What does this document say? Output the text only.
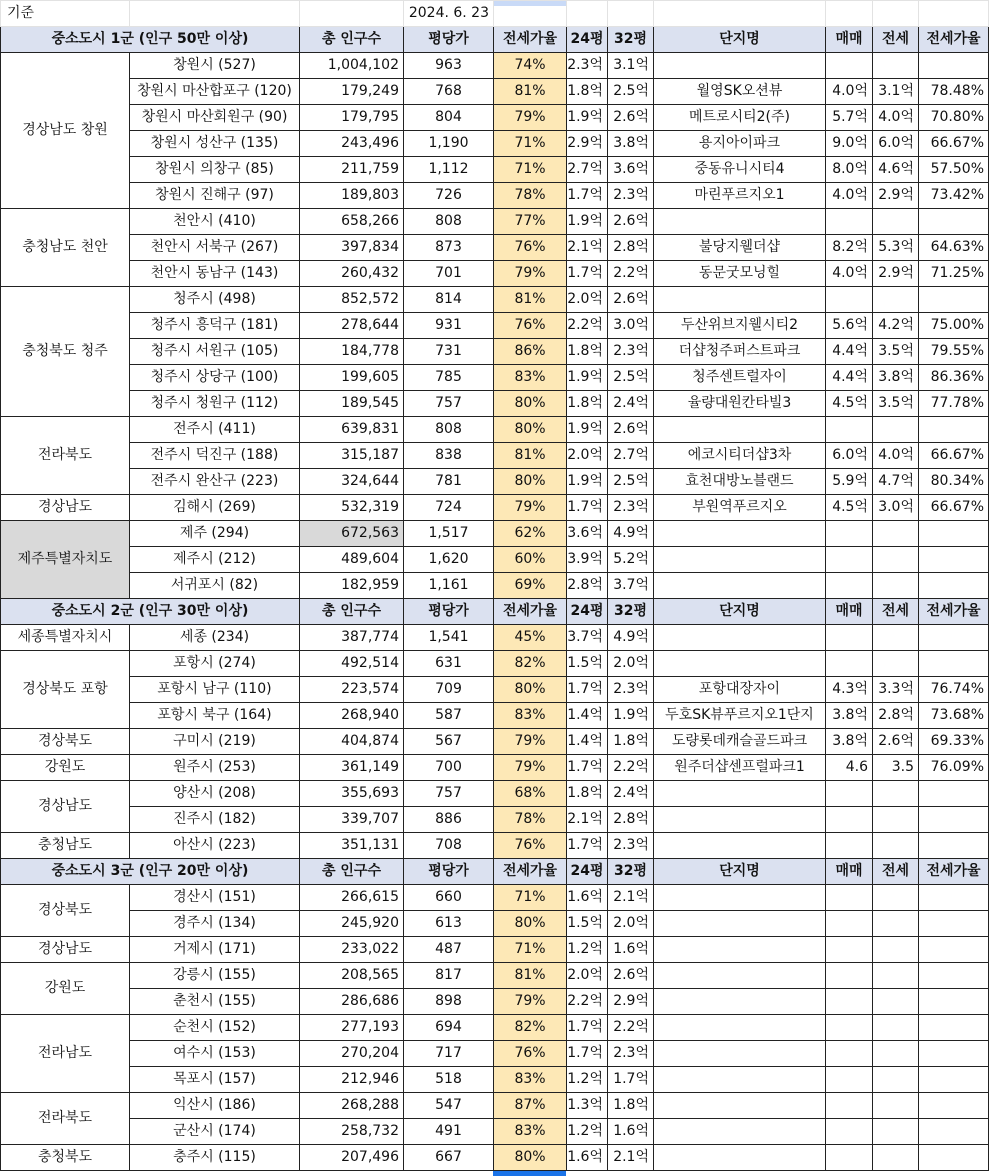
기준			2024. 6. 23							
중소도시 1군 (인구 50만 이상)		총 인구수	평당가	전세가율	24평	32평	단지명	매매	전세	전세가율
경상남도 창원	창원시 (527)	1,004,102	963	74%	2.3억	3.1억				
	창원시 마산합포구 (120)	179,249	768	81%	1.8억	2.5억	월영SK오션뷰	4.0억	3.1억	78.48%
	창원시 마산회원구 (90)	179,795	804	79%	1.9억	2.6억	메트로시티2(주)	5.7억	4.0억	70.80%
	창원시 성산구 (135)	243,496	1,190	71%	2.9억	3.8억	용지아이파크	9.0억	6.0억	66.67%
	창원시 의창구 (85)	211,759	1,112	71%	2.7억	3.6억	중동유니시티4	8.0억	4.6억	57.50%
	창원시 진해구 (97)	189,803	726	78%	1.7억	2.3억	마린푸르지오1	4.0억	2.9억	73.42%
충청남도 천안	천안시 (410)	658,266	808	77%	1.9억	2.6억				
	천안시 서북구 (267)	397,834	873	76%	2.1억	2.8억	불당지웰더샵	8.2억	5.3억	64.63%
	천안시 동남구 (143)	260,432	701	79%	1.7억	2.2억	동문굿모닝힐	4.0억	2.9억	71.25%
충청북도 청주	청주시 (498)	852,572	814	81%	2.0억	2.6억				
	청주시 흥덕구 (181)	278,644	931	76%	2.2억	3.0억	두산위브지웰시티2	5.6억	4.2억	75.00%
	청주시 서원구 (105)	184,778	731	86%	1.8억	2.3억	더샵청주퍼스트파크	4.4억	3.5억	79.55%
	청주시 상당구 (100)	199,605	785	83%	1.9억	2.5억	청주센트럴자이	4.4억	3.8억	86.36%
	청주시 청원구 (112)	189,545	757	80%	1.8억	2.4억	율량대원칸타빌3	4.5억	3.5억	77.78%
전라북도	전주시 (411)	639,831	808	80%	1.9억	2.6억				
	전주시 덕진구 (188)	315,187	838	81%	2.0억	2.7억	에코시티더샵3차	6.0억	4.0억	66.67%
	전주시 완산구 (223)	324,644	781	80%	1.9억	2.5억	효천대방노블랜드	5.9억	4.7억	80.34%
경상남도	김해시 (269)	532,319	724	79%	1.7억	2.3억	부원역푸르지오	4.5억	3.0억	66.67%
제주특별자치도	제주 (294)	672,563	1,517	62%	3.6억	4.9억				
	제주시 (212)	489,604	1,620	60%	3.9억	5.2억				
	서귀포시 (82)	182,959	1,161	69%	2.8억	3.7억				
중소도시 2군 (인구 30만 이상)		총 인구수	평당가	전세가율	24평	32평	단지명	매매	전세	전세가율
세종특별자치시	세종 (234)	387,774	1,541	45%	3.7억	4.9억				
경상북도 포항	포항시 (274)	492,514	631	82%	1.5억	2.0억				
	포항시 남구 (110)	223,574	709	80%	1.7억	2.3억	포항대장자이	4.3억	3.3억	76.74%
	포항시 북구 (164)	268,940	587	83%	1.4억	1.9억	두호SK뷰푸르지오1단지	3.8억	2.8억	73.68%
경상북도	구미시 (219)	404,874	567	79%	1.4억	1.8억	도량롯데캐슬골드파크	3.8억	2.6억	69.33%
강원도	원주시 (253)	361,149	700	79%	1.7억	2.2억	원주더샵센프럴파크1	4.6	3.5	76.09%
경상남도	양산시 (208)	355,693	757	68%	1.8억	2.4억				
	진주시 (182)	339,707	886	78%	2.1억	2.8억				
충청남도	아산시 (223)	351,131	708	76%	1.7억	2.3억				
중소도시 3군 (인구 20만 이상)		총 인구수	평당가	전세가율	24평	32평	단지명	매매	전세	전세가율
경상북도	경산시 (151)	266,615	660	71%	1.6억	2.1억				
	경주시 (134)	245,920	613	80%	1.5억	2.0억				
경상남도	거제시 (171)	233,022	487	71%	1.2억	1.6억				
강원도	강릉시 (155)	208,565	817	81%	2.0억	2.6억				
	춘천시 (155)	286,686	898	79%	2.2억	2.9억				
전라남도	순천시 (152)	277,193	694	82%	1.7억	2.2억				
	여수시 (153)	270,204	717	76%	1.7억	2.3억				
	목포시 (157)	212,946	518	83%	1.2억	1.7억				
전라북도	익산시 (186)	268,288	547	87%	1.3억	1.8억				
	군산시 (174)	258,732	491	83%	1.2억	1.6억				
충청북도	충주시 (115)	207,496	667	80%	1.6억	2.1억				
